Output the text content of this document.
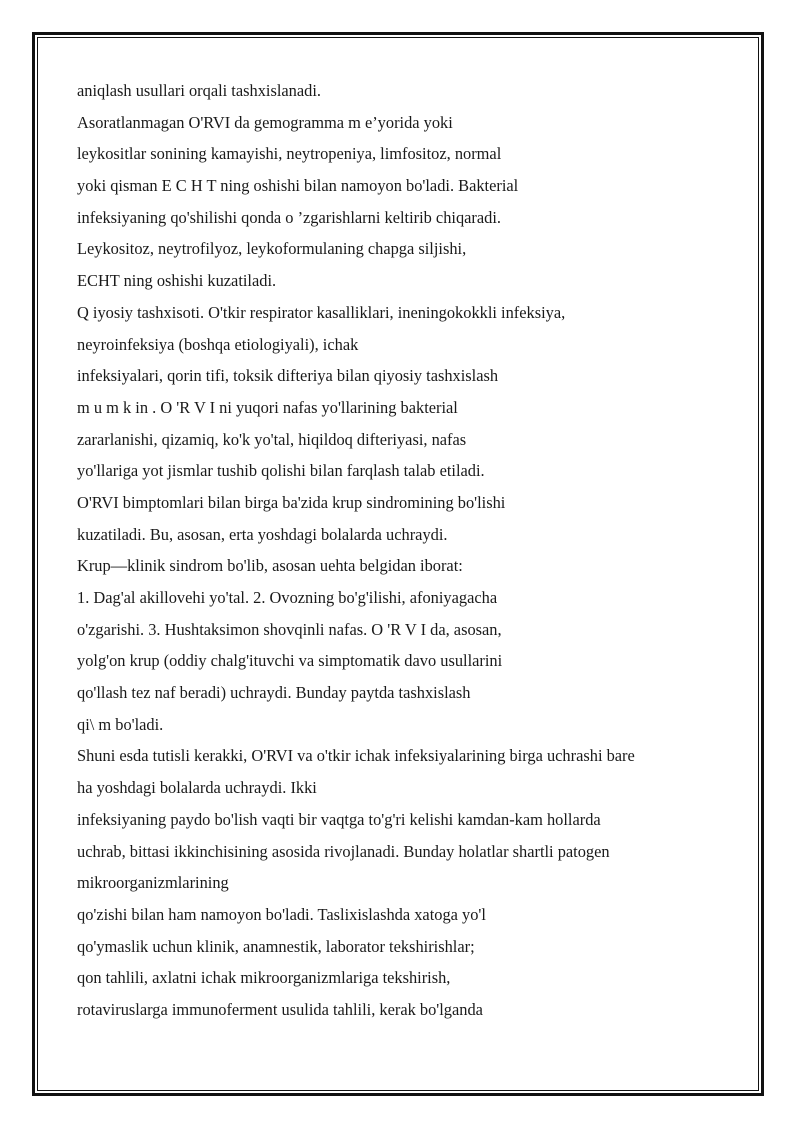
aniqlash usullari orqali tashxislanadi.
Asoratlanmagan O'RVI da gemogramma m e’yorida yoki
leykositlar sonining kamayishi, neytropeniya, limfositoz, normal
yoki qisman E C H T ning oshishi bilan namoyon bo'ladi. Bakterial
infeksiyaning qo'shilishi qonda o ’zgarishlarni keltirib chiqaradi.
Leykositoz, neytrofilyoz, leykoformulaning chapga siljishi,
ECHT ning oshishi kuzatiladi.
Q iyosiy tashxisoti. O'tkir respirator kasalliklari, ineningokokkli infeksiya,
neyroinfeksiya (boshqa etiologiyali), ichak
infeksiyalari, qorin tifi, toksik difteriya bilan qiyosiy tashxislash
m u m k in . O 'R V I ni yuqori nafas yo'llarining bakterial
zararlanishi, qizamiq, ko'k yo'tal, hiqildoq difteriyasi, nafas
yo'llariga yot jismlar tushib qolishi bilan farqlash talab etiladi.
O'RVI bimptomlari bilan birga ba'zida krup sindromining bo'lishi
kuzatiladi. Bu, asosan, erta yoshdagi bolalarda uchraydi.
Krup—klinik sindrom bo'lib, asosan uehta belgidan iborat:
1. Dag'al akillovehi yo'tal. 2. Ovozning bo'g'ilishi, afoniyagacha
o'zgarishi. 3. Hushtaksimon shovqinli nafas. O 'R V I da, asosan,
yolg'on krup (oddiy chalg'ituvchi va simptomatik davo usullarini
qo'llash tez naf beradi) uchraydi. Bunday paytda tashxislash
qi\ m bo'ladi.
Shuni esda tutisli kerakki, O'RVI va o'tkir ichak infeksiyalarining birga uchrashi bare
ha yoshdagi bolalarda uchraydi. Ikki
infeksiyaning paydo bo'lish vaqti bir vaqtga to'g'ri kelishi kamdan-kam hollarda
uchrab, bittasi ikkinchisining asosida rivojlanadi. Bunday holatlar shartli patogen
mikroorganizmlarining
qo'zishi bilan ham namoyon bo'ladi. Taslixislashda xatoga yo'l
qo'ymaslik uchun klinik, anamnestik, laborator tekshirishlar;
qon tahlili, axlatni ichak mikroorganizmlariga tekshirish,
rotaviruslarga immunoferment usulida tahlili, kerak bo'lganda
